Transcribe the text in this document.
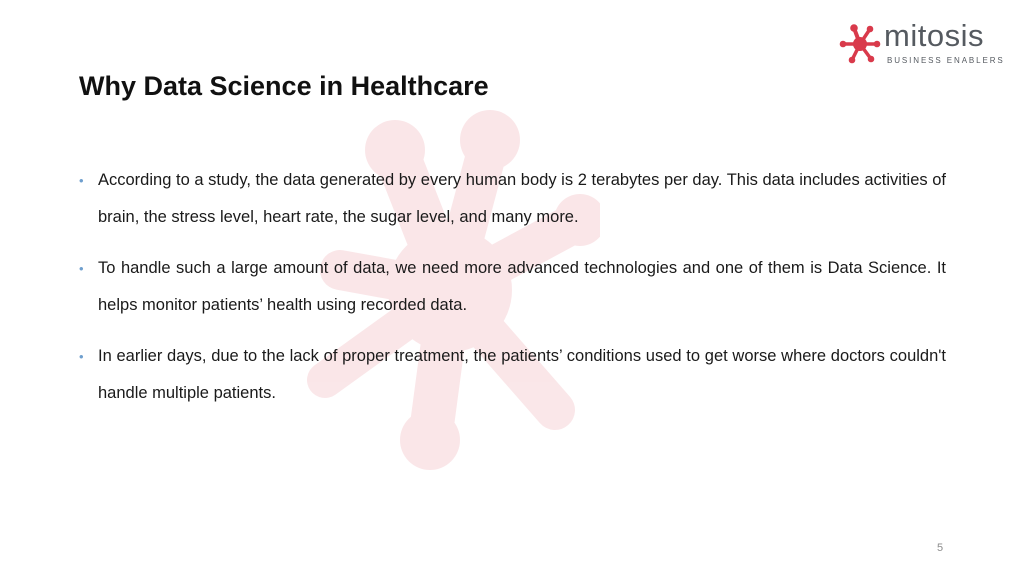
mitosis
BUSINESS ENABLERS
Why Data Science in Healthcare
• According to a study, the data generated by every human body is 2 terabytes per day. This data includes activities of brain, the stress level, heart rate, the sugar level, and many more.
• To handle such a large amount of data, we need more advanced technologies and one of them is Data Science. It helps monitor patients’ health using recorded data.
• In earlier days, due to the lack of proper treatment, the patients’ conditions used to get worse where doctors couldn't handle multiple patients.
5
